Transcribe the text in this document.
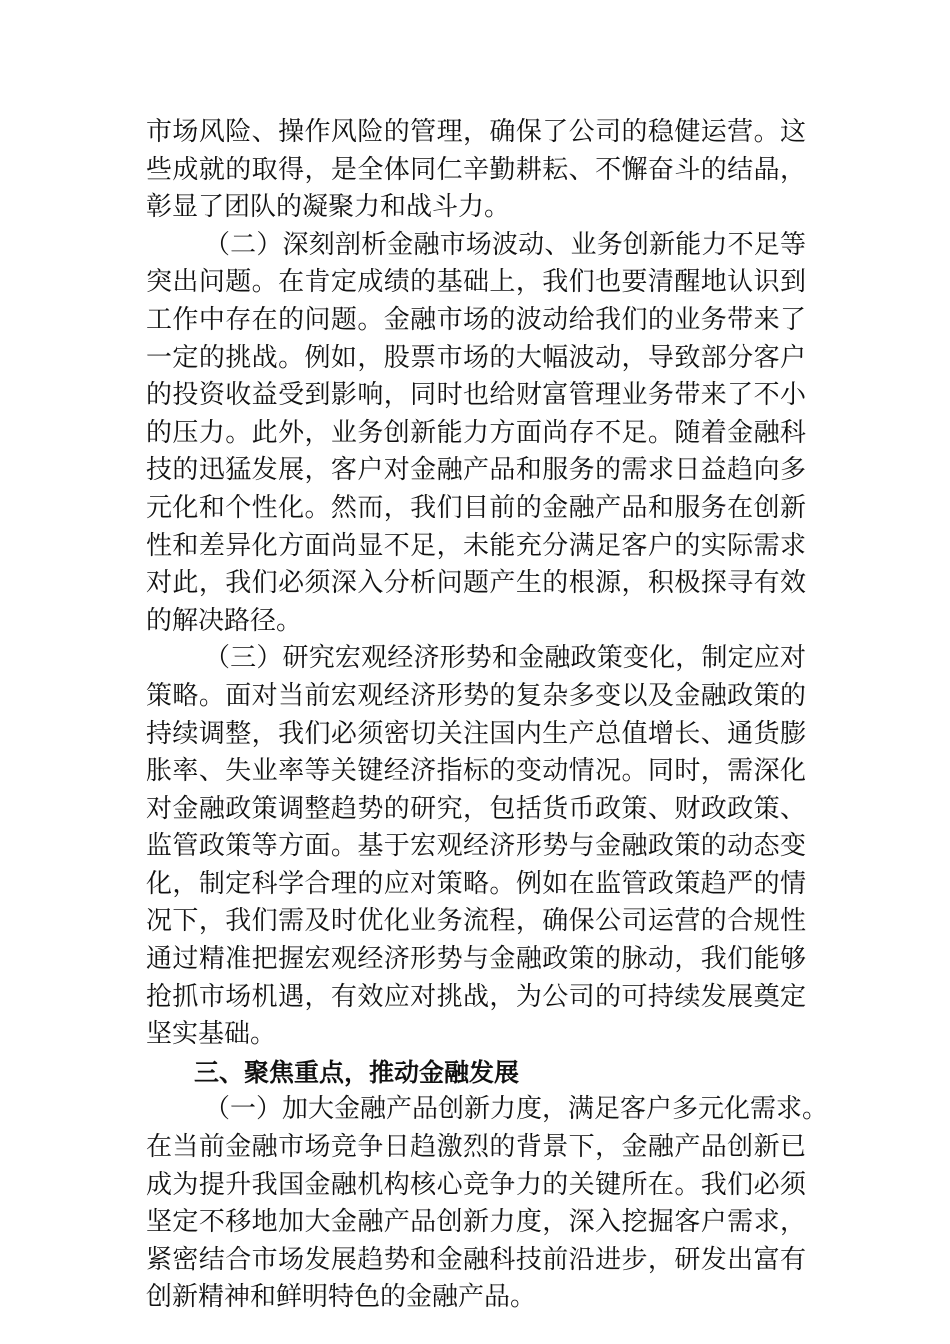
市场风险、操作风险的管理，确保了公司的稳健运营。这
些成就的取得，是全体同仁辛勤耕耘、不懈奋斗的结晶，
彰显了团队的凝聚力和战斗力。
（二）深刻剖析金融市场波动、业务创新能力不足等
突出问题。在肯定成绩的基础上，我们也要清醒地认识到
工作中存在的问题。金融市场的波动给我们的业务带来了
一定的挑战。例如，股票市场的大幅波动，导致部分客户
的投资收益受到影响，同时也给财富管理业务带来了不小
的压力。此外，业务创新能力方面尚存不足。随着金融科
技的迅猛发展，客户对金融产品和服务的需求日益趋向多
元化和个性化。然而，我们目前的金融产品和服务在创新
性和差异化方面尚显不足，未能充分满足客户的实际需求
对此，我们必须深入分析问题产生的根源，积极探寻有效
的解决路径。
（三）研究宏观经济形势和金融政策变化，制定应对
策略。面对当前宏观经济形势的复杂多变以及金融政策的
持续调整，我们必须密切关注国内生产总值增长、通货膨
胀率、失业率等关键经济指标的变动情况。同时，需深化
对金融政策调整趋势的研究，包括货币政策、财政政策、
监管政策等方面。基于宏观经济形势与金融政策的动态变
化，制定科学合理的应对策略。例如在监管政策趋严的情
况下，我们需及时优化业务流程，确保公司运营的合规性
通过精准把握宏观经济形势与金融政策的脉动，我们能够
抢抓市场机遇，有效应对挑战，为公司的可持续发展奠定
坚实基础。
三、聚焦重点，推动金融发展
（一）加大金融产品创新力度，满足客户多元化需求。
在当前金融市场竞争日趋激烈的背景下，金融产品创新已
成为提升我国金融机构核心竞争力的关键所在。我们必须
坚定不移地加大金融产品创新力度，深入挖掘客户需求，
紧密结合市场发展趋势和金融科技前沿进步，研发出富有
创新精神和鲜明特色的金融产品。
